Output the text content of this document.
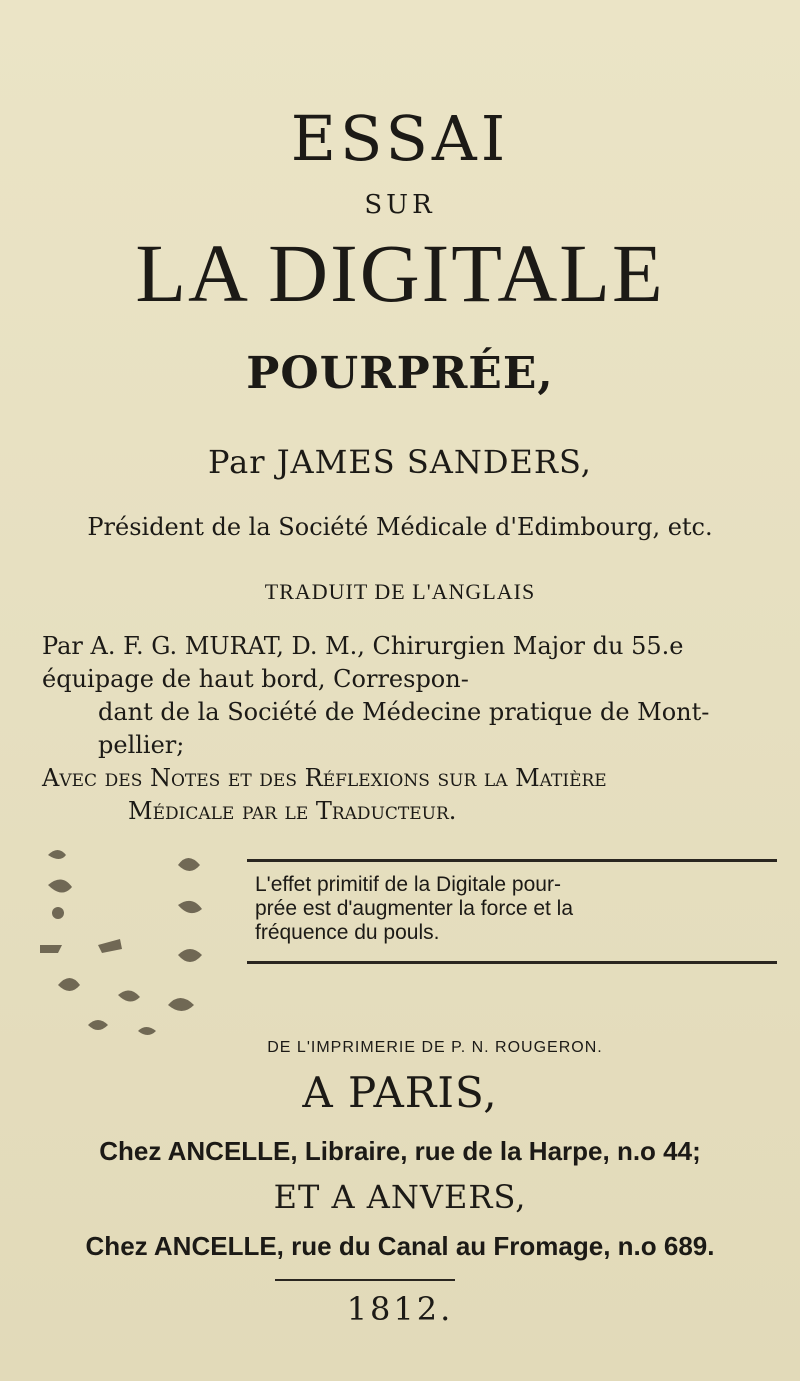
ESSAI
SUR
LA DIGITALE
POURPRÉE,
Par JAMES SANDERS,
Président de la Société Médicale d'Edimbourg, etc.
TRADUIT DE L'ANGLAIS
Par A. F. G. MURAT, D. M., Chirurgien Major du 55.e équipage de haut bord, Correspon-
dant de la Société de Médecine pratique de Mont-
pellier;
Avec des Notes et des Réflexions sur la Matière
Médicale par le Traducteur.
L'effet primitif de la Digitale pour-
prée est d'augmenter la force et la
fréquence du pouls.
DE L'IMPRIMERIE DE P. N. ROUGERON.
A PARIS,
Chez ANCELLE, Libraire, rue de la Harpe, n.o 44;
ET A ANVERS,
Chez ANCELLE, rue du Canal au Fromage, n.o 689.
1812.
